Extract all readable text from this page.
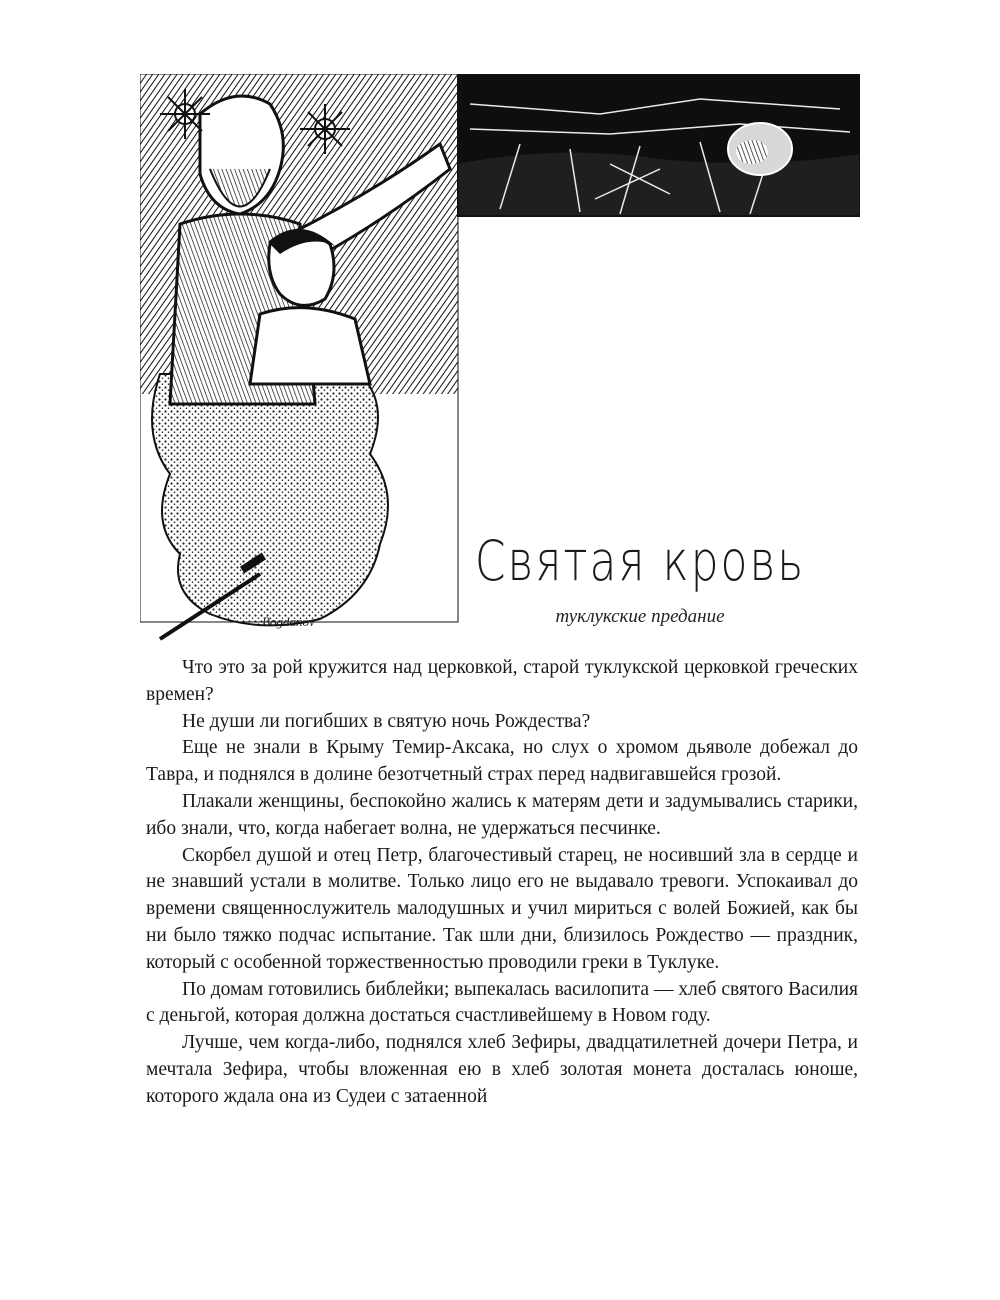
Bogdanov
Святая кровь
туклукские предание

Что это за рой кружится над церковкой, старой туклукской церковкой греческих времен?

Не души ли погибших в святую ночь Рождества?

Еще не знали в Крыму Темир-Аксака, но слух о хромом дьяволе добежал до Тавра, и поднялся в долине безотчетный страх перед надвигавшейся грозой.

Плакали женщины, беспокойно жались к матерям дети и задумывались старики, ибо знали, что, когда набегает волна, не удержаться песчинке.

Скорбел душой и отец Петр, благочестивый старец, не носивший зла в сердце и не знавший устали в молитве. Только лицо его не выдавало тревоги. Успокаивал до времени священнослужитель малодушных и учил мириться с волей Божией, как бы ни было тяжко подчас испытание. Так шли дни, близилось Рождество — праздник, который с особенной торжественностью проводили греки в Туклуке.

По домам готовились библейки; выпекалась василопита — хлеб святого Василия с деньгой, которая должна достаться счастливейшему в Новом году.

Лучше, чем когда-либо, поднялся хлеб Зефиры, двадцатилетней дочери Петра, и мечтала Зефира, чтобы вложенная ею в хлеб золотая монета досталась юноше, которого ждала она из Судеи с затаенной
